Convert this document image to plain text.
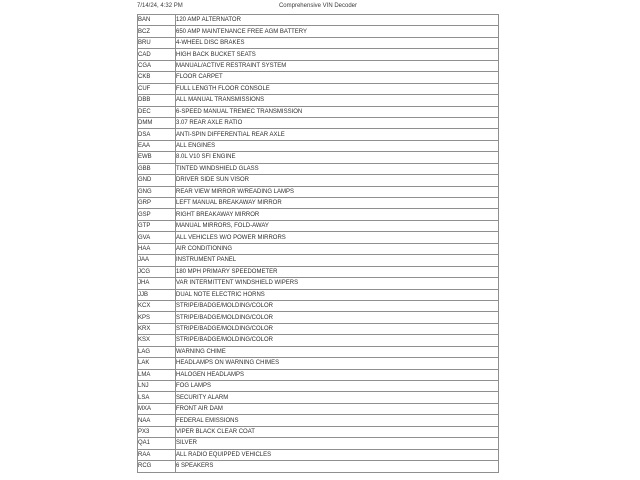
7/14/24, 4:32 PM	Comprehensive VIN Decoder
BAN	120 AMP ALTERNATOR
BCZ	650 AMP MAINTENANCE FREE AGM BATTERY
BRU	4-WHEEL DISC BRAKES
CAD	HIGH BACK BUCKET SEATS
CGA	MANUAL/ACTIVE RESTRAINT SYSTEM
CKB	FLOOR CARPET
CUF	FULL LENGTH FLOOR CONSOLE
DBB	ALL MANUAL TRANSMISSIONS
DEC	6-SPEED MANUAL TREMEC TRANSMISSION
DMM	3.07 REAR AXLE RATIO
DSA	ANTI-SPIN DIFFERENTIAL REAR AXLE
EAA	ALL ENGINES
EWB	8.0L V10 SFI ENGINE
GBB	TINTED WINDSHIELD GLASS
GND	DRIVER SIDE SUN VISOR
GNG	REAR VIEW MIRROR W/READING LAMPS
GRP	LEFT MANUAL BREAKAWAY MIRROR
GSP	RIGHT BREAKAWAY MIRROR
GTP	MANUAL MIRRORS, FOLD-AWAY
GVA	ALL VEHICLES W/O POWER MIRRORS
HAA	AIR CONDITIONING
JAA	INSTRUMENT PANEL
JCG	180 MPH PRIMARY SPEEDOMETER
JHA	VAR INTERMITTENT WINDSHIELD WIPERS
JJB	DUAL NOTE ELECTRIC HORNS
KCX	STRIPE/BADGE/MOLDING/COLOR
KPS	STRIPE/BADGE/MOLDING/COLOR
KRX	STRIPE/BADGE/MOLDING/COLOR
KSX	STRIPE/BADGE/MOLDING/COLOR
LAG	WARNING CHIME
LAK	HEADLAMPS ON WARNING CHIMES
LMA	HALOGEN HEADLAMPS
LNJ	FOG LAMPS
LSA	SECURITY ALARM
MXA	FRONT AIR DAM
NAA	FEDERAL EMISSIONS
PX3	VIPER BLACK CLEAR COAT
QA1	SILVER
RAA	ALL RADIO EQUIPPED VEHICLES
RCG	6 SPEAKERS
